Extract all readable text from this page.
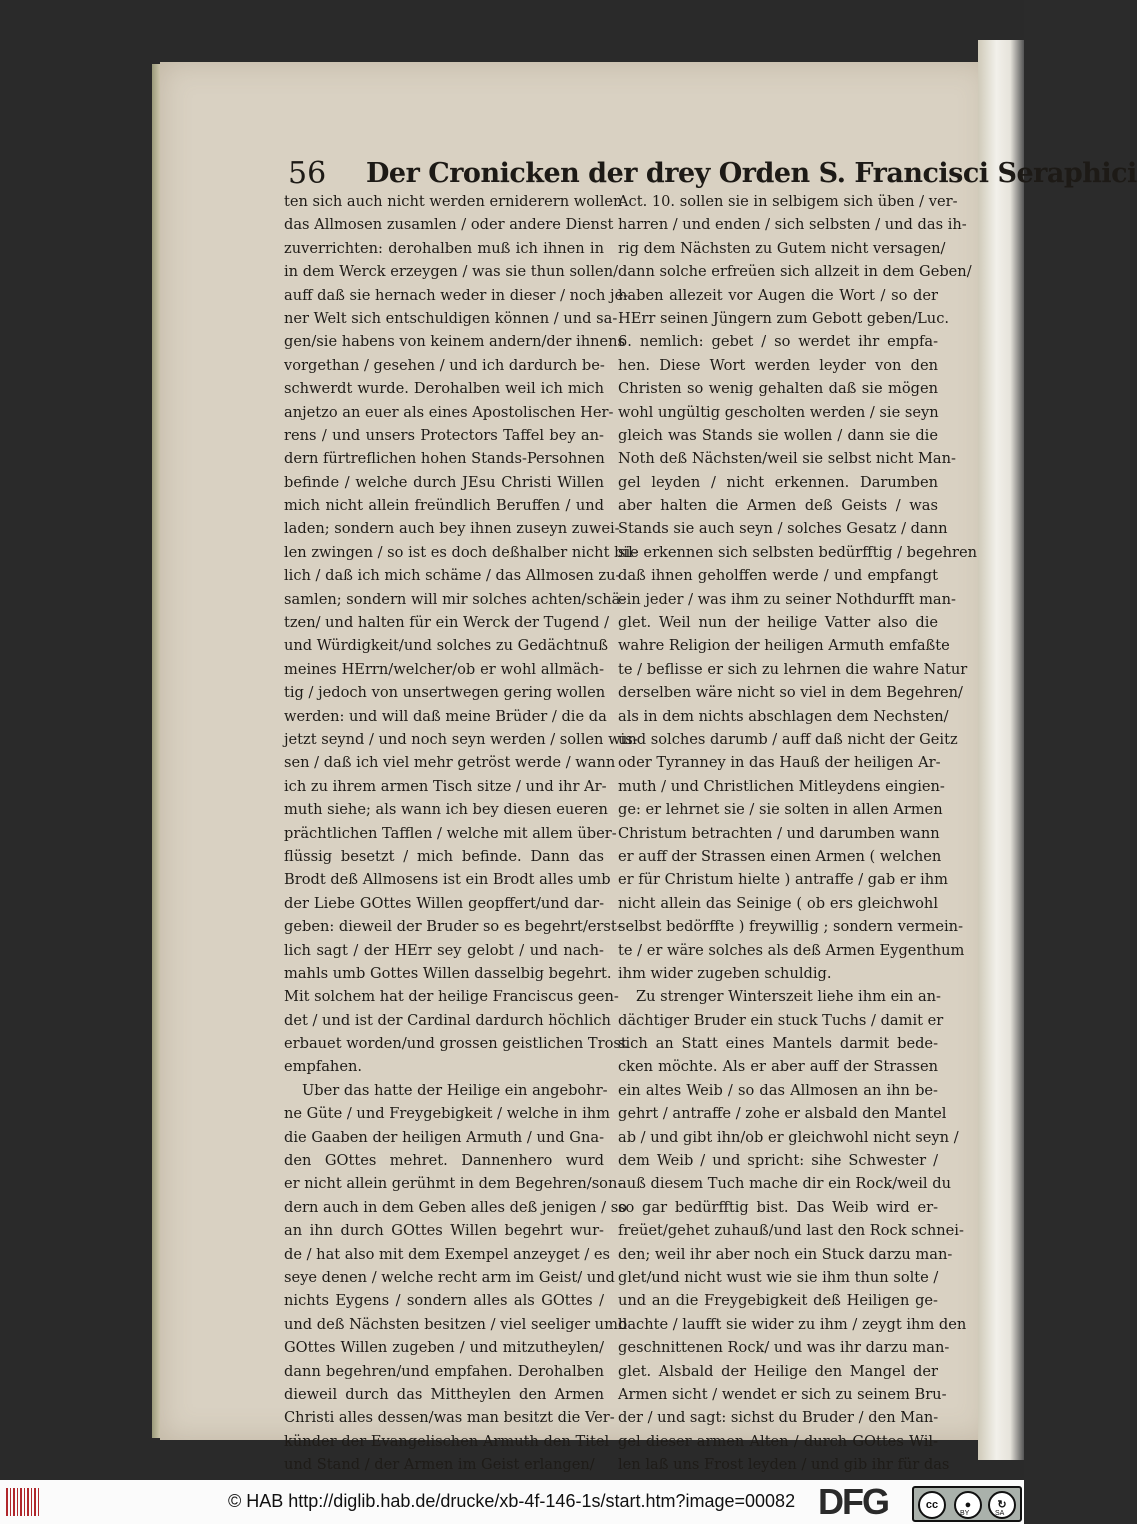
56 Der Cronicken der drey Orden S. Francisci Seraphici
ten sich auch nicht werden erniderern wollen
das Allmosen zusamlen / oder andere Dienst
zuverrichten: derohalben muß ich ihnen in
in dem Werck erzeygen / was sie thun sollen/
auff daß sie hernach weder in dieser / noch je-
ner Welt sich entschuldigen können / und sa-
gen/sie habens von keinem andern/der ihnens
vorgethan / gesehen / und ich dardurch be-
schwerdt wurde. Derohalben weil ich mich
anjetzo an euer als eines Apostolischen Her-
rens / und unsers Protectors Taffel bey an-
dern fürtreflichen hohen Stands-Persohnen
befinde / welche durch JEsu Christi Willen
mich nicht allein freündlich Beruffen / und
laden; sondern auch bey ihnen zuseyn zuwei-
len zwingen / so ist es doch deßhalber nicht bil-
lich / daß ich mich schäme / das Allmosen zu-
samlen; sondern will mir solches achten/schä-
tzen/ und halten für ein Werck der Tugend /
und Würdigkeit/und solches zu Gedächtnuß
meines HErrn/welcher/ob er wohl allmäch-
tig / jedoch von unsertwegen gering wollen
werden: und will daß meine Brüder / die da
jetzt seynd / und noch seyn werden / sollen wis-
sen / daß ich viel mehr getröst werde / wann
ich zu ihrem armen Tisch sitze / und ihr Ar-
muth siehe; als wann ich bey diesen eueren
prächtlichen Tafflen / welche mit allem über-
flüssig besetzt / mich befinde. Dann das
Brodt deß Allmosens ist ein Brodt alles umb
der Liebe GOttes Willen geopffert/und dar-
geben: dieweil der Bruder so es begehrt/erst-
lich sagt / der HErr sey gelobt / und nach-
mahls umb Gottes Willen dasselbig begehrt.
Mit solchem hat der heilige Franciscus geen-
det / und ist der Cardinal dardurch höchlich
erbauet worden/und grossen geistlichen Trost
empfahen.
Uber das hatte der Heilige ein angebohr-
ne Güte / und Freygebigkeit / welche in ihm
die Gaaben der heiligen Armuth / und Gna-
den GOttes mehret. Dannenhero wurd
er nicht allein gerühmt in dem Begehren/son-
dern auch in dem Geben alles deß jenigen / so
an ihn durch GOttes Willen begehrt wur-
de / hat also mit dem Exempel anzeyget / es
seye denen / welche recht arm im Geist/ und
nichts Eygens / sondern alles als GOttes /
und deß Nächsten besitzen / viel seeliger umb
GOttes Willen zugeben / und mitzutheylen/
dann begehren/und empfahen. Derohalben
dieweil durch das Mittheylen den Armen
Christi alles dessen/was man besitzt die Ver-
künder der Evangelischen Armuth den Titel
und Stand / der Armen im Geist erlangen/
Act. 10. sollen sie in selbigem sich üben / ver-
harren / und enden / sich selbsten / und das ih-
rig dem Nächsten zu Gutem nicht versagen/
dann solche erfreüen sich allzeit in dem Geben/
haben allezeit vor Augen die Wort / so der
HErr seinen Jüngern zum Gebott geben/Luc.
6. nemlich: gebet / so werdet ihr empfa-
hen. Diese Wort werden leyder von den
Christen so wenig gehalten daß sie mögen
wohl ungültig gescholten werden / sie seyn
gleich was Stands sie wollen / dann sie die
Noth deß Nächsten/weil sie selbst nicht Man-
gel leyden / nicht erkennen. Darumben
aber halten die Armen deß Geists / was
Stands sie auch seyn / solches Gesatz / dann
sie erkennen sich selbsten bedürfftig / begehren
daß ihnen geholffen werde / und empfangt
ein jeder / was ihm zu seiner Nothdurfft man-
glet. Weil nun der heilige Vatter also die
wahre Religion der heiligen Armuth emfaßte
te / beflisse er sich zu lehrnen die wahre Natur
derselben wäre nicht so viel in dem Begehren/
als in dem nichts abschlagen dem Nechsten/
und solches darumb / auff daß nicht der Geitz
oder Tyranney in das Hauß der heiligen Ar-
muth / und Christlichen Mitleydens eingien-
ge: er lehrnet sie / sie solten in allen Armen
Christum betrachten / und darumben wann
er auff der Strassen einen Armen ( welchen
er für Christum hielte ) antraffe / gab er ihm
nicht allein das Seinige ( ob ers gleichwohl
selbst bedörffte ) freywillig ; sondern vermein-
te / er wäre solches als deß Armen Eygenthum
ihm wider zugeben schuldig.
Zu strenger Winterszeit liehe ihm ein an-
dächtiger Bruder ein stuck Tuchs / damit er
sich an Statt eines Mantels darmit bede-
cken möchte. Als er aber auff der Strassen
ein altes Weib / so das Allmosen an ihn be-
gehrt / antraffe / zohe er alsbald den Mantel
ab / und gibt ihn/ob er gleichwohl nicht seyn /
dem Weib / und spricht: sihe Schwester /
auß diesem Tuch mache dir ein Rock/weil du
so gar bedürfftig bist. Das Weib wird er-
freüet/gehet zuhauß/und last den Rock schnei-
den; weil ihr aber noch ein Stuck darzu man-
glet/und nicht wust wie sie ihm thun solte /
und an die Freygebigkeit deß Heiligen ge-
dachte / laufft sie wider zu ihm / zeygt ihm den
geschnittenen Rock/ und was ihr darzu man-
glet. Alsbald der Heilige den Mangel der
Armen sicht / wendet er sich zu seinem Bru-
der / und sagt: sichst du Bruder / den Man-
gel dieser armen Alten / durch GOttes Wil-
len laß uns Frost leyden / und gib ihr für das
© HAB http://diglib.hab.de/drucke/xb-4f-146-1s/start.htm?image=00082 DFG	cc	●	↻
BY	SA
